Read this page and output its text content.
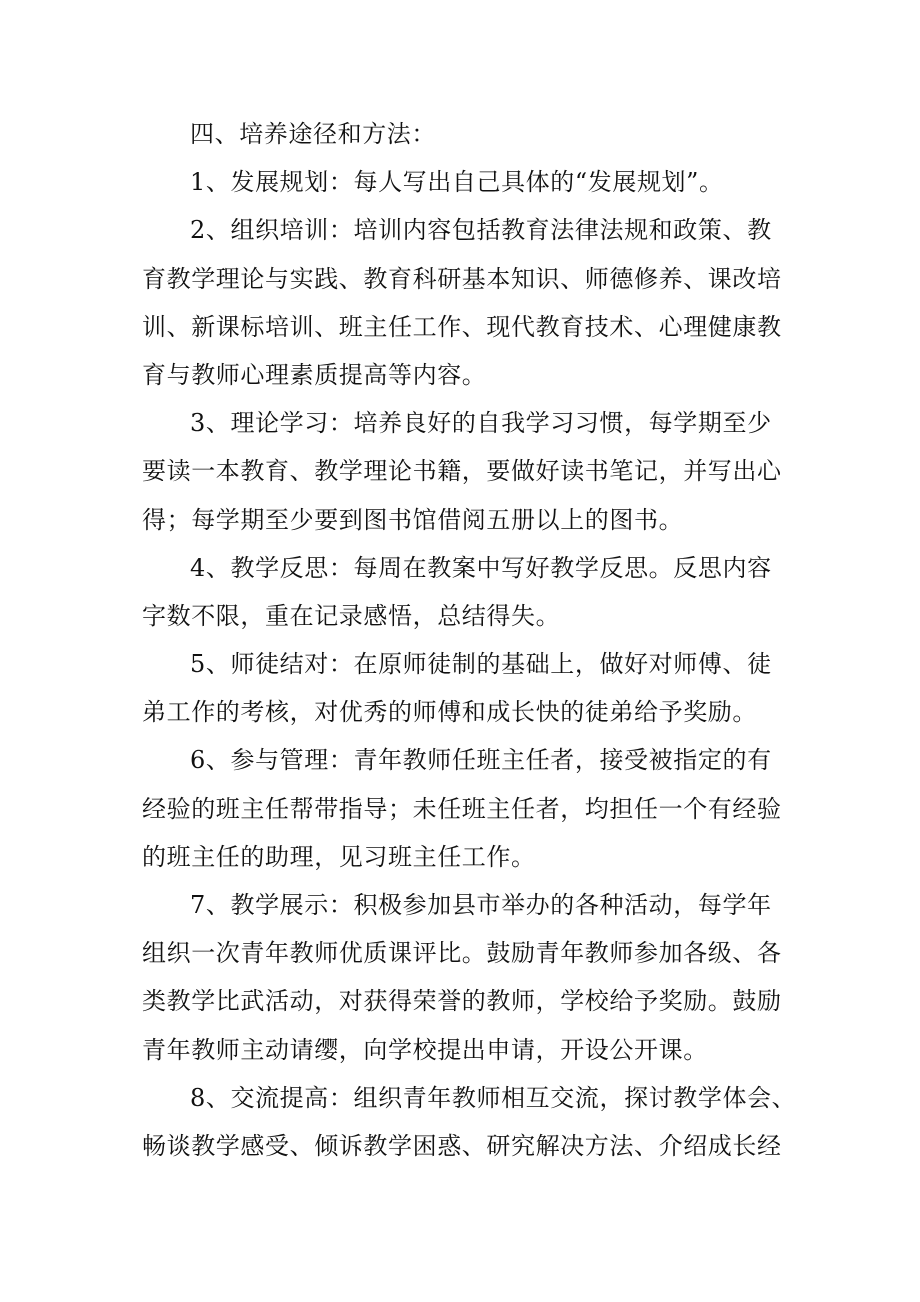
四、培养途径和方法：
1、发展规划：每人写出自己具体的“发展规划”。
2、组织培训：培训内容包括教育法律法规和政策、教
育教学理论与实践、教育科研基本知识、师德修养、课改培
训、新课标培训、班主任工作、现代教育技术、心理健康教
育与教师心理素质提高等内容。
3、理论学习：培养良好的自我学习习惯，每学期至少
要读一本教育、教学理论书籍，要做好读书笔记，并写出心
得；每学期至少要到图书馆借阅五册以上的图书。
4、教学反思：每周在教案中写好教学反思。反思内容
字数不限，重在记录感悟，总结得失。
5、师徒结对：在原师徒制的基础上，做好对师傅、徒
弟工作的考核，对优秀的师傅和成长快的徒弟给予奖励。
6、参与管理：青年教师任班主任者，接受被指定的有
经验的班主任帮带指导；未任班主任者，均担任一个有经验
的班主任的助理，见习班主任工作。
7、教学展示：积极参加县市举办的各种活动，每学年
组织一次青年教师优质课评比。鼓励青年教师参加各级、各
类教学比武活动，对获得荣誉的教师，学校给予奖励。鼓励
青年教师主动请缨，向学校提出申请，开设公开课。
8、交流提高：组织青年教师相互交流，探讨教学体会、
畅谈教学感受、倾诉教学困惑、研究解决方法、介绍成长经
